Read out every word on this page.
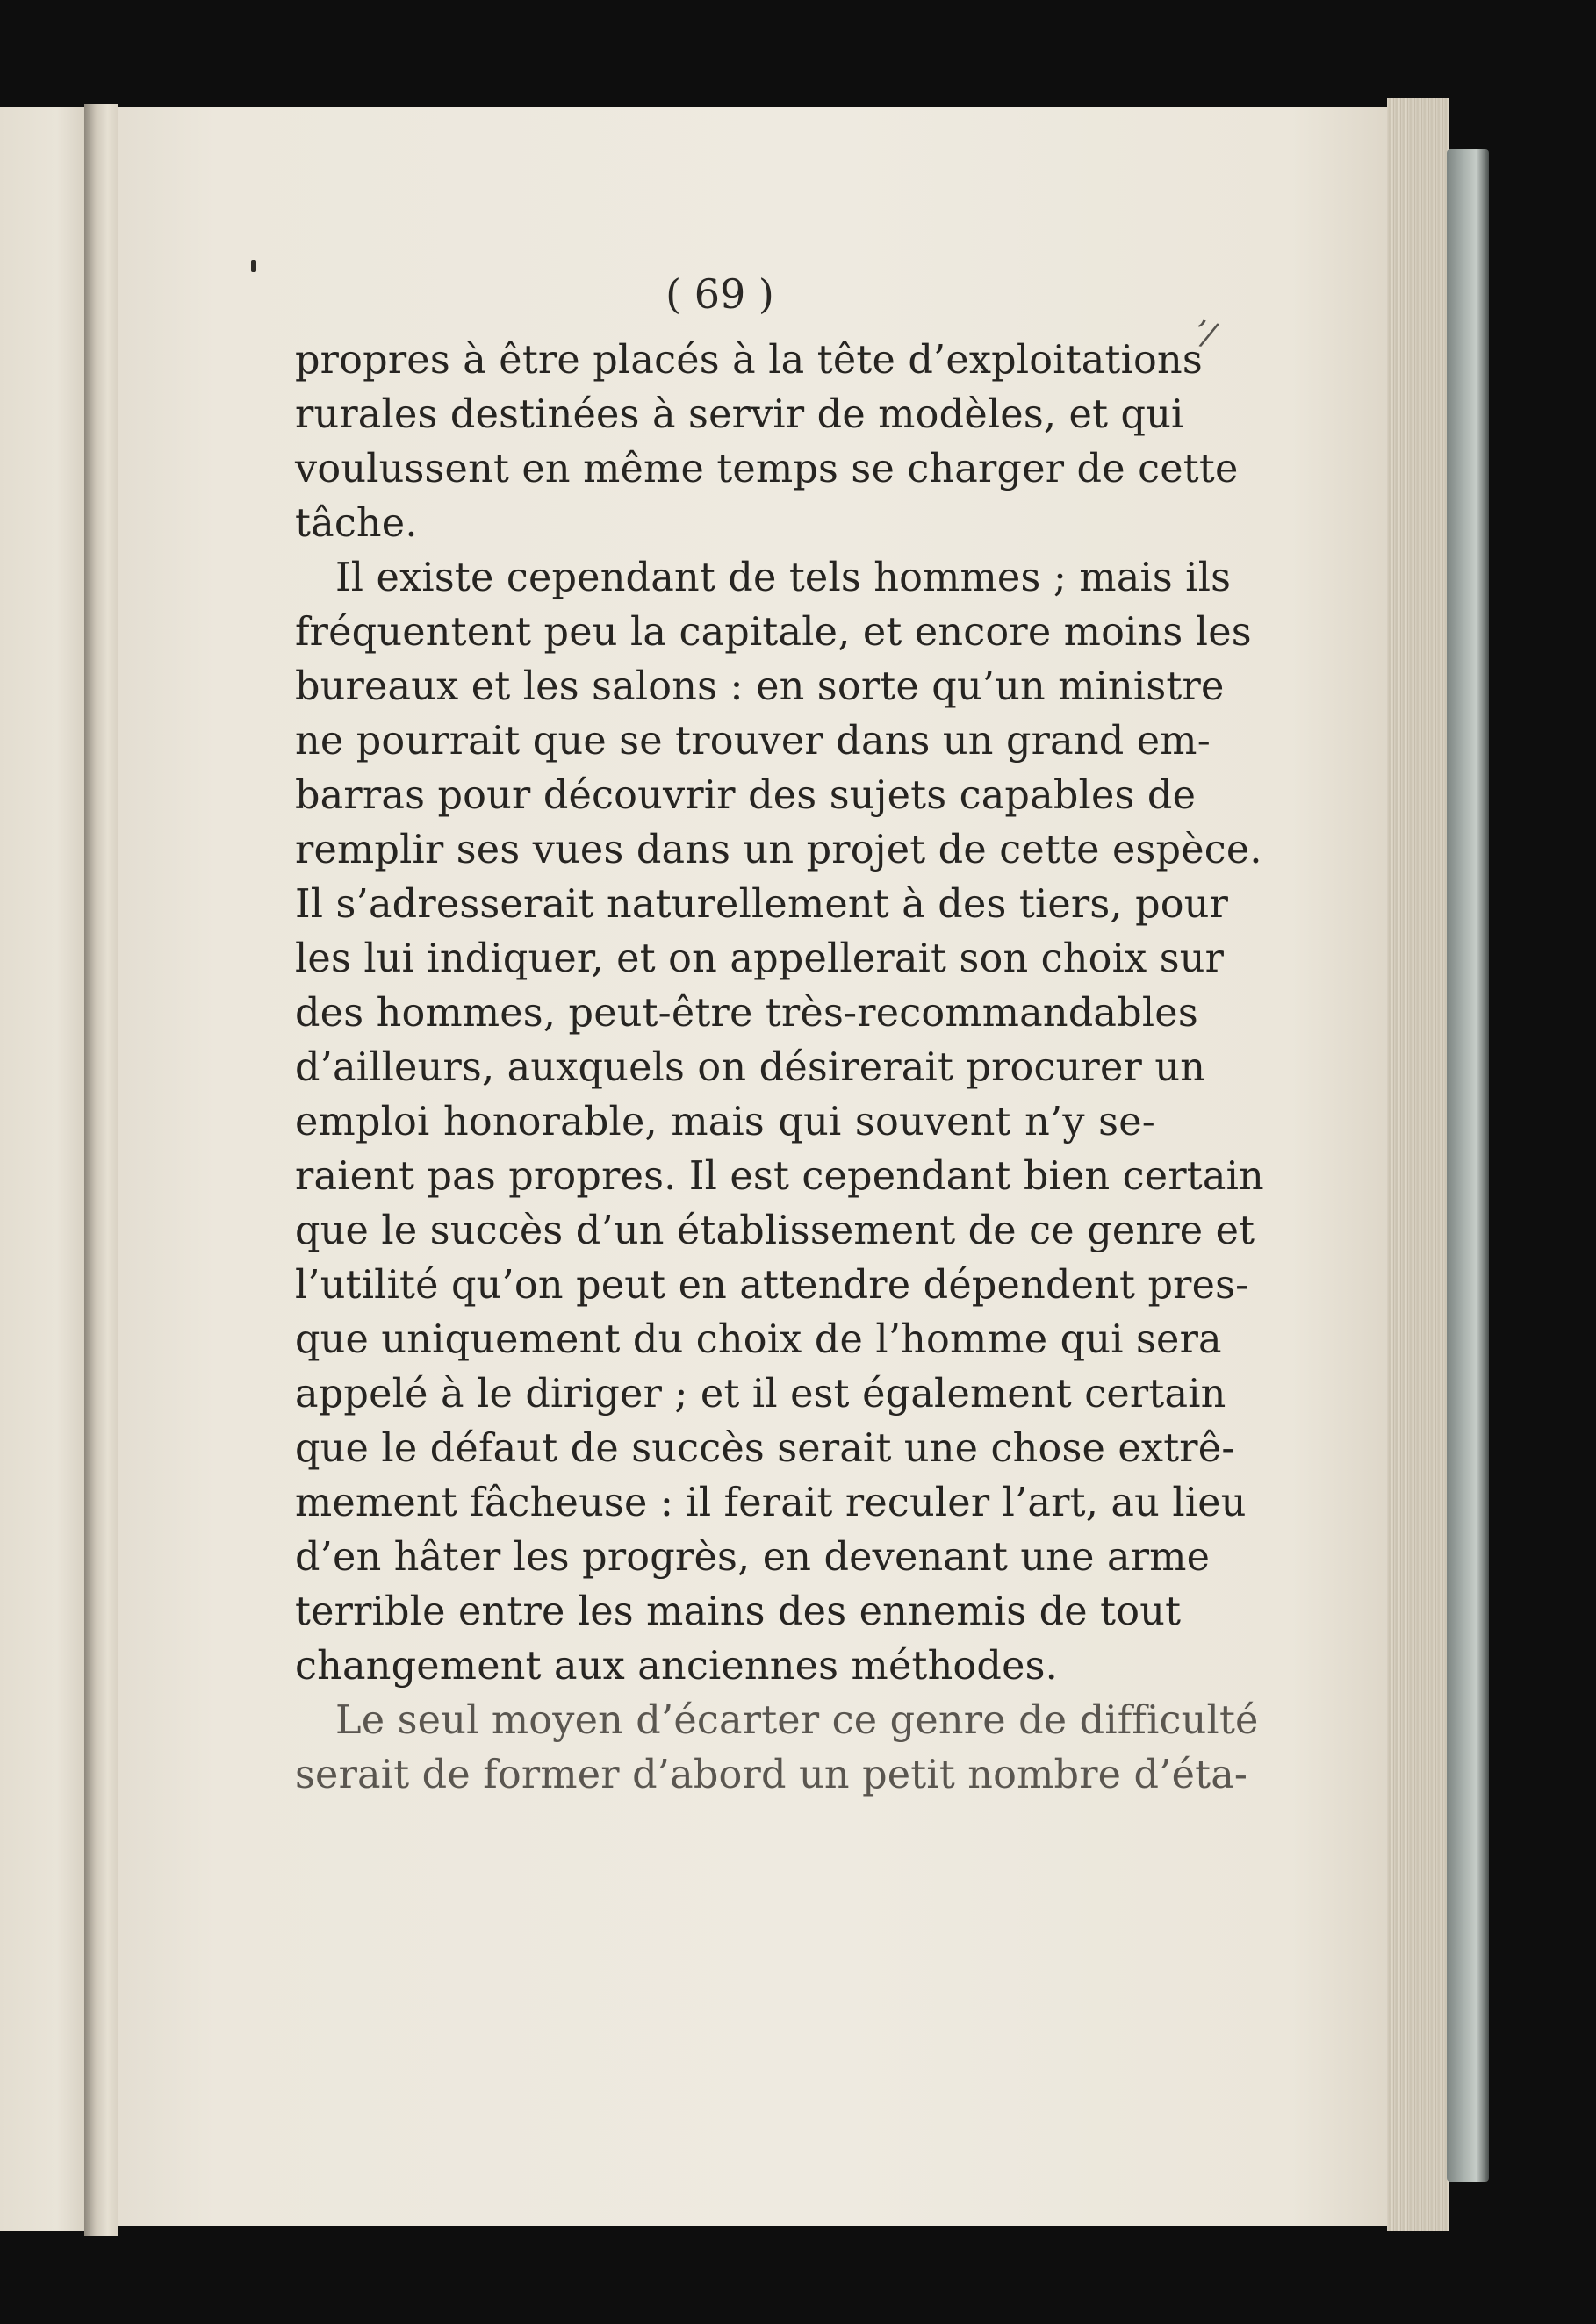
( 69 )
ʼ/
propres à être placés à la tête d’exploitations
rurales destinées à servir de modèles, et qui
voulussent en même temps se charger de cette
tâche.
Il existe cependant de tels hommes ; mais ils
fréquentent peu la capitale, et encore moins les
bureaux et les salons : en sorte qu’un ministre
ne pourrait que se trouver dans un grand em-
barras pour découvrir des sujets capables de
remplir ses vues dans un projet de cette espèce.
Il s’adresserait naturellement à des tiers, pour
les lui indiquer, et on appellerait son choix sur
des hommes, peut-être très-recommandables
d’ailleurs, auxquels on désirerait procurer un
emploi honorable, mais qui souvent n’y se-
raient pas propres. Il est cependant bien certain
que le succès d’un établissement de ce genre et
l’utilité qu’on peut en attendre dépendent pres-
que uniquement du choix de l’homme qui sera
appelé à le diriger ; et il est également certain
que le défaut de succès serait une chose extrê-
mement fâcheuse : il ferait reculer l’art, au lieu
d’en hâter les progrès, en devenant une arme
terrible entre les mains des ennemis de tout
changement aux anciennes méthodes.
Le seul moyen d’écarter ce genre de difficulté
serait de former d’abord un petit nombre d’éta-
